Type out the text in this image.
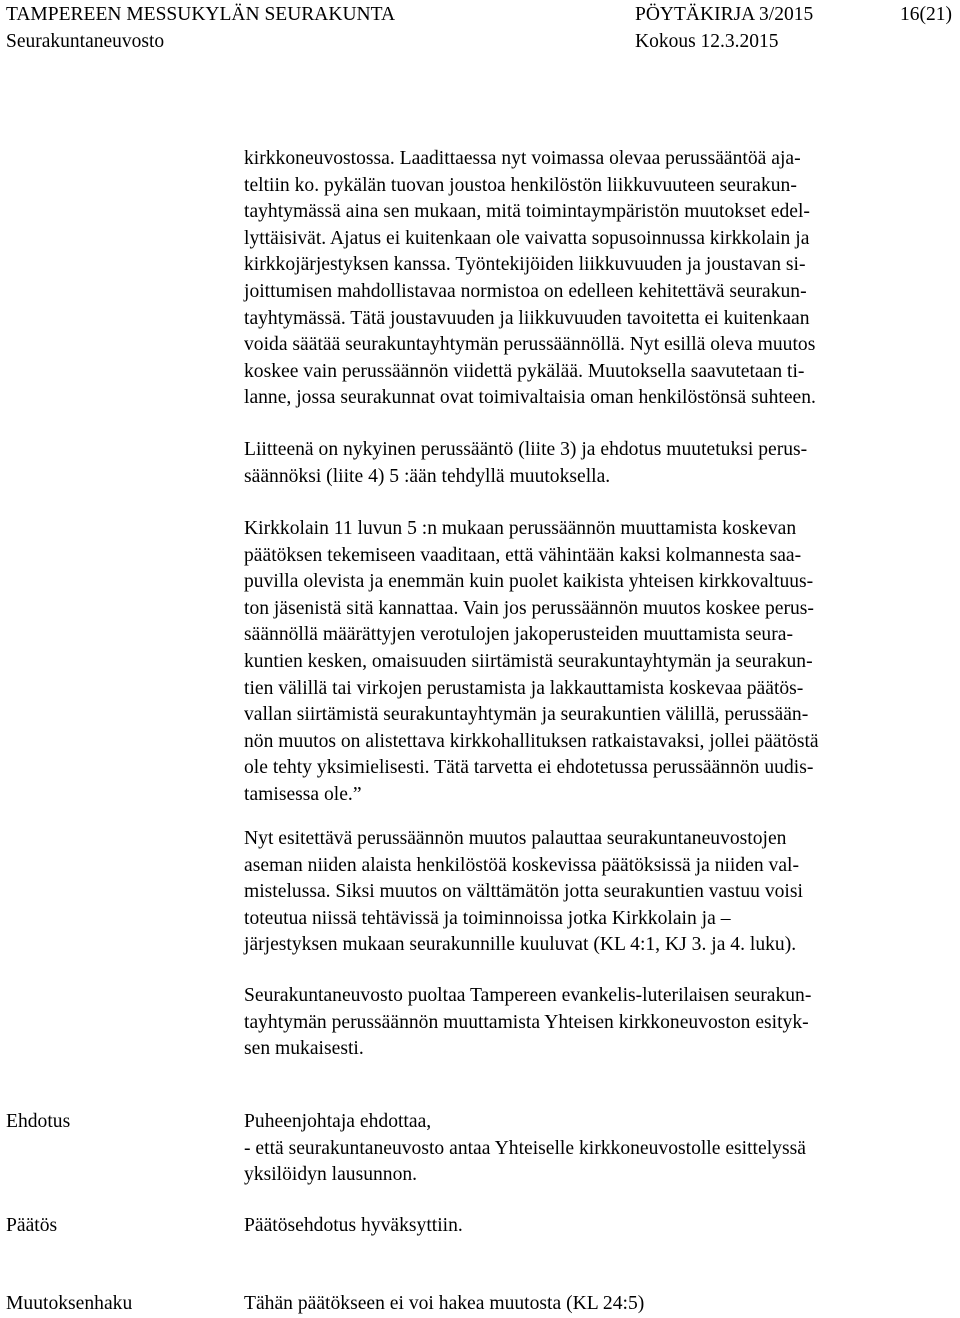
TAMPEREEN MESSUKYLÄN SEURAKUNTA
Seurakuntaneuvosto
PÖYTÄKIRJA 3/2015
Kokous 12.3.2015
16(21)
kirkkoneuvostossa. Laadittaessa nyt voimassa olevaa perussääntöä aja-
teltiin ko. pykälän tuovan joustoa henkilöstön liikkuvuuteen seurakun-
tayhtymässä aina sen mukaan, mitä toimintaympäristön muutokset edel-
lyttäisivät. Ajatus ei kuitenkaan ole vaivatta sopusoinnussa kirkkolain ja
kirkkojärjestyksen kanssa. Työntekijöiden liikkuvuuden ja joustavan si-
joittumisen mahdollistavaa normistoa on edelleen kehitettävä seurakun-
tayhtymässä. Tätä joustavuuden ja liikkuvuuden tavoitetta ei kuitenkaan
voida säätää seurakuntayhtymän perussäännöllä. Nyt esillä oleva muutos
koskee vain perussäännön viidettä pykälää. Muutoksella saavutetaan ti-
lanne, jossa seurakunnat ovat toimivaltaisia oman henkilöstönsä suhteen.
Liitteenä on nykyinen perussääntö (liite 3) ja ehdotus muutetuksi perus-
säännöksi (liite 4) 5 :ään tehdyllä muutoksella.
Kirkkolain 11 luvun 5 :n mukaan perussäännön muuttamista koskevan
päätöksen tekemiseen vaaditaan, että vähintään kaksi kolmannesta saa-
puvilla olevista ja enemmän kuin puolet kaikista yhteisen kirkkovaltuus-
ton jäsenistä sitä kannattaa. Vain jos perussäännön muutos koskee perus-
säännöllä määrättyjen verotulojen jakoperusteiden muuttamista seura-
kuntien kesken, omaisuuden siirtämistä seurakuntayhtymän ja seurakun-
tien välillä tai virkojen perustamista ja lakkauttamista koskevaa päätös-
vallan siirtämistä seurakuntayhtymän ja seurakuntien välillä, perussään-
nön muutos on alistettava kirkkohallituksen ratkaistavaksi, jollei päätöstä
ole tehty yksimielisesti. Tätä tarvetta ei ehdotetussa perussäännön uudis-
tamisessa ole.”
Nyt esitettävä perussäännön muutos palauttaa seurakuntaneuvostojen
aseman niiden alaista henkilöstöä koskevissa päätöksissä ja niiden val-
mistelussa. Siksi muutos on välttämätön jotta seurakuntien vastuu voisi
toteutua niissä tehtävissä ja toiminnoissa jotka Kirkkolain ja –
järjestyksen mukaan seurakunnille kuuluvat (KL 4:1, KJ 3. ja 4. luku).
Seurakuntaneuvosto puoltaa Tampereen evankelis-luterilaisen seurakun-
tayhtymän perussäännön muuttamista Yhteisen kirkkoneuvoston esityk-
sen mukaisesti.
Ehdotus	Puheenjohtaja ehdottaa,
- että seurakuntaneuvosto antaa Yhteiselle kirkkoneuvostolle esittelyssä
yksilöidyn lausunnon.
Päätös	Päätösehdotus hyväksyttiin.
Muutoksenhaku	Tähän päätökseen ei voi hakea muutosta (KL 24:5)
